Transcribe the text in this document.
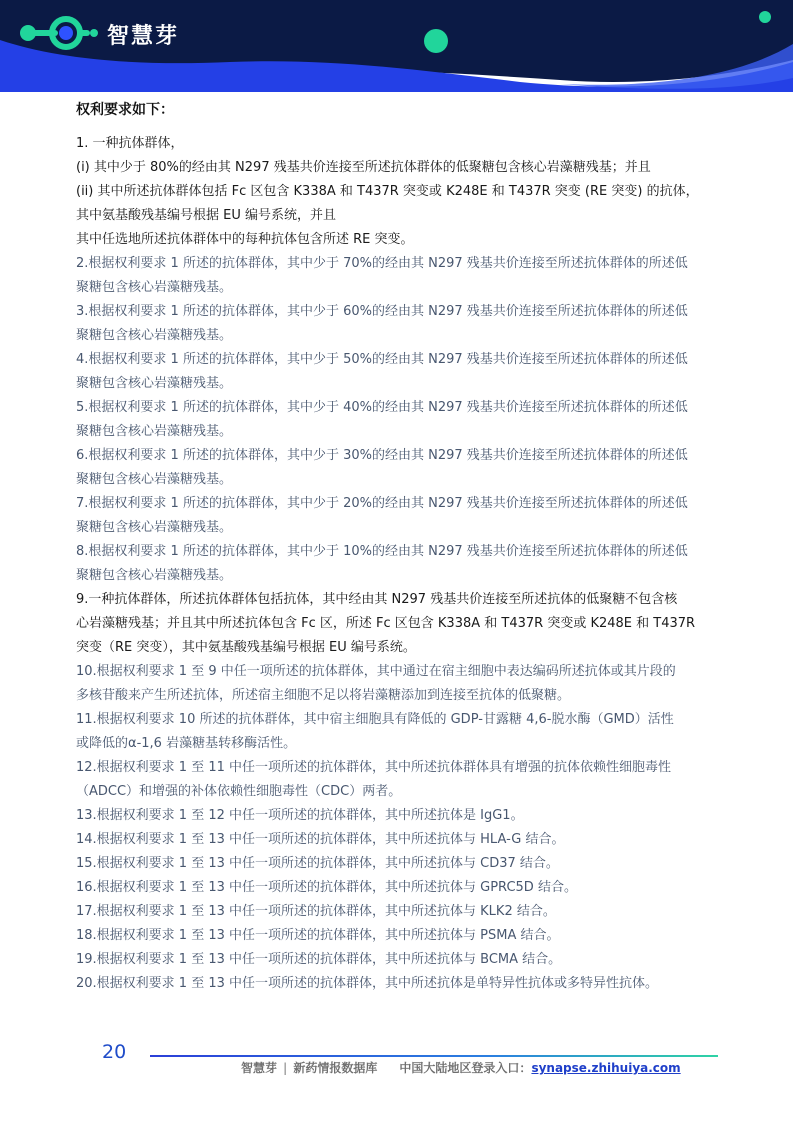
智慧芽
权利要求如下：

1. 一种抗体群体，

(i) 其中少于 80%的经由其 N297 残基共价连接至所述抗体群体的低聚糖包含核心岩藻糖残基；并且

(ii) 其中所述抗体群体包括 Fc 区包含 K338A 和 T437R 突变或 K248E 和 T437R 突变 (RE 突变) 的抗体，

其中氨基酸残基编号根据 EU 编号系统，并且

其中任选地所述抗体群体中的每种抗体包含所述 RE 突变。

2.根据权利要求 1 所述的抗体群体，其中少于 70%的经由其 N297 残基共价连接至所述抗体群体的所述低

聚糖包含核心岩藻糖残基。

3.根据权利要求 1 所述的抗体群体，其中少于 60%的经由其 N297 残基共价连接至所述抗体群体的所述低

聚糖包含核心岩藻糖残基。

4.根据权利要求 1 所述的抗体群体，其中少于 50%的经由其 N297 残基共价连接至所述抗体群体的所述低

聚糖包含核心岩藻糖残基。

5.根据权利要求 1 所述的抗体群体，其中少于 40%的经由其 N297 残基共价连接至所述抗体群体的所述低

聚糖包含核心岩藻糖残基。

6.根据权利要求 1 所述的抗体群体，其中少于 30%的经由其 N297 残基共价连接至所述抗体群体的所述低

聚糖包含核心岩藻糖残基。

7.根据权利要求 1 所述的抗体群体，其中少于 20%的经由其 N297 残基共价连接至所述抗体群体的所述低

聚糖包含核心岩藻糖残基。

8.根据权利要求 1 所述的抗体群体，其中少于 10%的经由其 N297 残基共价连接至所述抗体群体的所述低

聚糖包含核心岩藻糖残基。

9.一种抗体群体，所述抗体群体包括抗体，其中经由其 N297 残基共价连接至所述抗体的低聚糖不包含核

心岩藻糖残基；并且其中所述抗体包含 Fc 区，所述 Fc 区包含 K338A 和 T437R 突变或 K248E 和 T437R

突变（RE 突变），其中氨基酸残基编号根据 EU 编号系统。

10.根据权利要求 1 至 9 中任一项所述的抗体群体，其中通过在宿主细胞中表达编码所述抗体或其片段的

多核苷酸来产生所述抗体，所述宿主细胞不足以将岩藻糖添加到连接至抗体的低聚糖。

11.根据权利要求 10 所述的抗体群体，其中宿主细胞具有降低的 GDP-甘露糖 4,6-脱水酶（GMD）活性

或降低的α-1,6 岩藻糖基转移酶活性。

12.根据权利要求 1 至 11 中任一项所述的抗体群体，其中所述抗体群体具有增强的抗体依赖性细胞毒性

（ADCC）和增强的补体依赖性细胞毒性（CDC）两者。

13.根据权利要求 1 至 12 中任一项所述的抗体群体，其中所述抗体是 IgG1。

14.根据权利要求 1 至 13 中任一项所述的抗体群体，其中所述抗体与 HLA-G 结合。

15.根据权利要求 1 至 13 中任一项所述的抗体群体，其中所述抗体与 CD37 结合。

16.根据权利要求 1 至 13 中任一项所述的抗体群体，其中所述抗体与 GPRC5D 结合。

17.根据权利要求 1 至 13 中任一项所述的抗体群体，其中所述抗体与 KLK2 结合。

18.根据权利要求 1 至 13 中任一项所述的抗体群体，其中所述抗体与 PSMA 结合。

19.根据权利要求 1 至 13 中任一项所述的抗体群体，其中所述抗体与 BCMA 结合。

20.根据权利要求 1 至 13 中任一项所述的抗体群体，其中所述抗体是单特异性抗体或多特异性抗体。

20
智慧芽 | 新药情报数据库 中国大陆地区登录入口：synapse.zhihuiya.com
